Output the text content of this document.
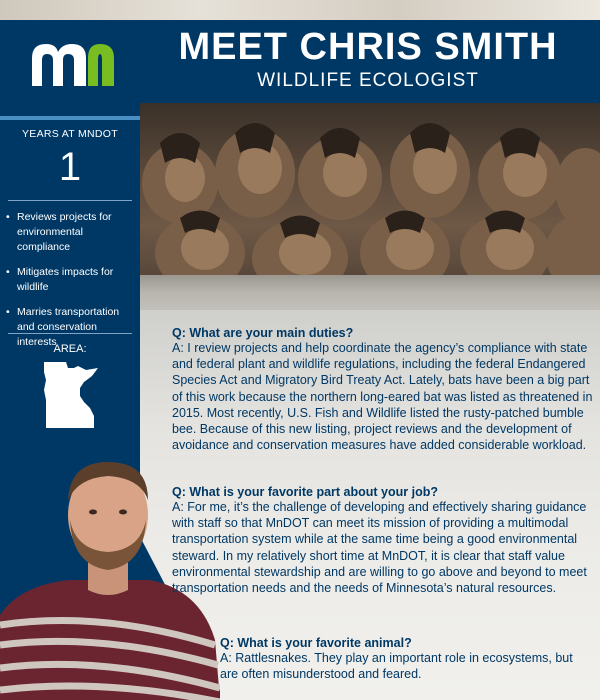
MEET CHRIS SMITH
WILDLIFE ECOLOGIST
YEARS AT MNDOT
1
• Reviews projects for environmental compliance
• Mitigates impacts for wildlife
• Marries transportation and conservation interests
AREA:
Q: What are your main duties?
A: I review projects and help coordinate the agency’s compliance with state and federal plant and wildlife regulations, including the federal Endangered Species Act and Migratory Bird Treaty Act. Lately, bats have been a big part of this work because the northern long-eared bat was listed as threatened in 2015. Most recently, U.S. Fish and Wildlife listed the rusty-patched bumble bee. Because of this new listing, project reviews and the development of avoidance and conservation measures have added considerable workload.
Q: What is your favorite part about your job?
A: For me, it’s the challenge of developing and effectively sharing guidance with staff so that MnDOT can meet its mission of providing a multimodal transportation system while at the same time being a good environmental steward. In my relatively short time at MnDOT, it is clear that staff value environmental stewardship and are willing to go above and beyond to meet transportation needs and the needs of Minnesota’s natural resources.
Q: What is your favorite animal?
A: Rattlesnakes. They play an important role in ecosystems, but are often misunderstood and feared.
